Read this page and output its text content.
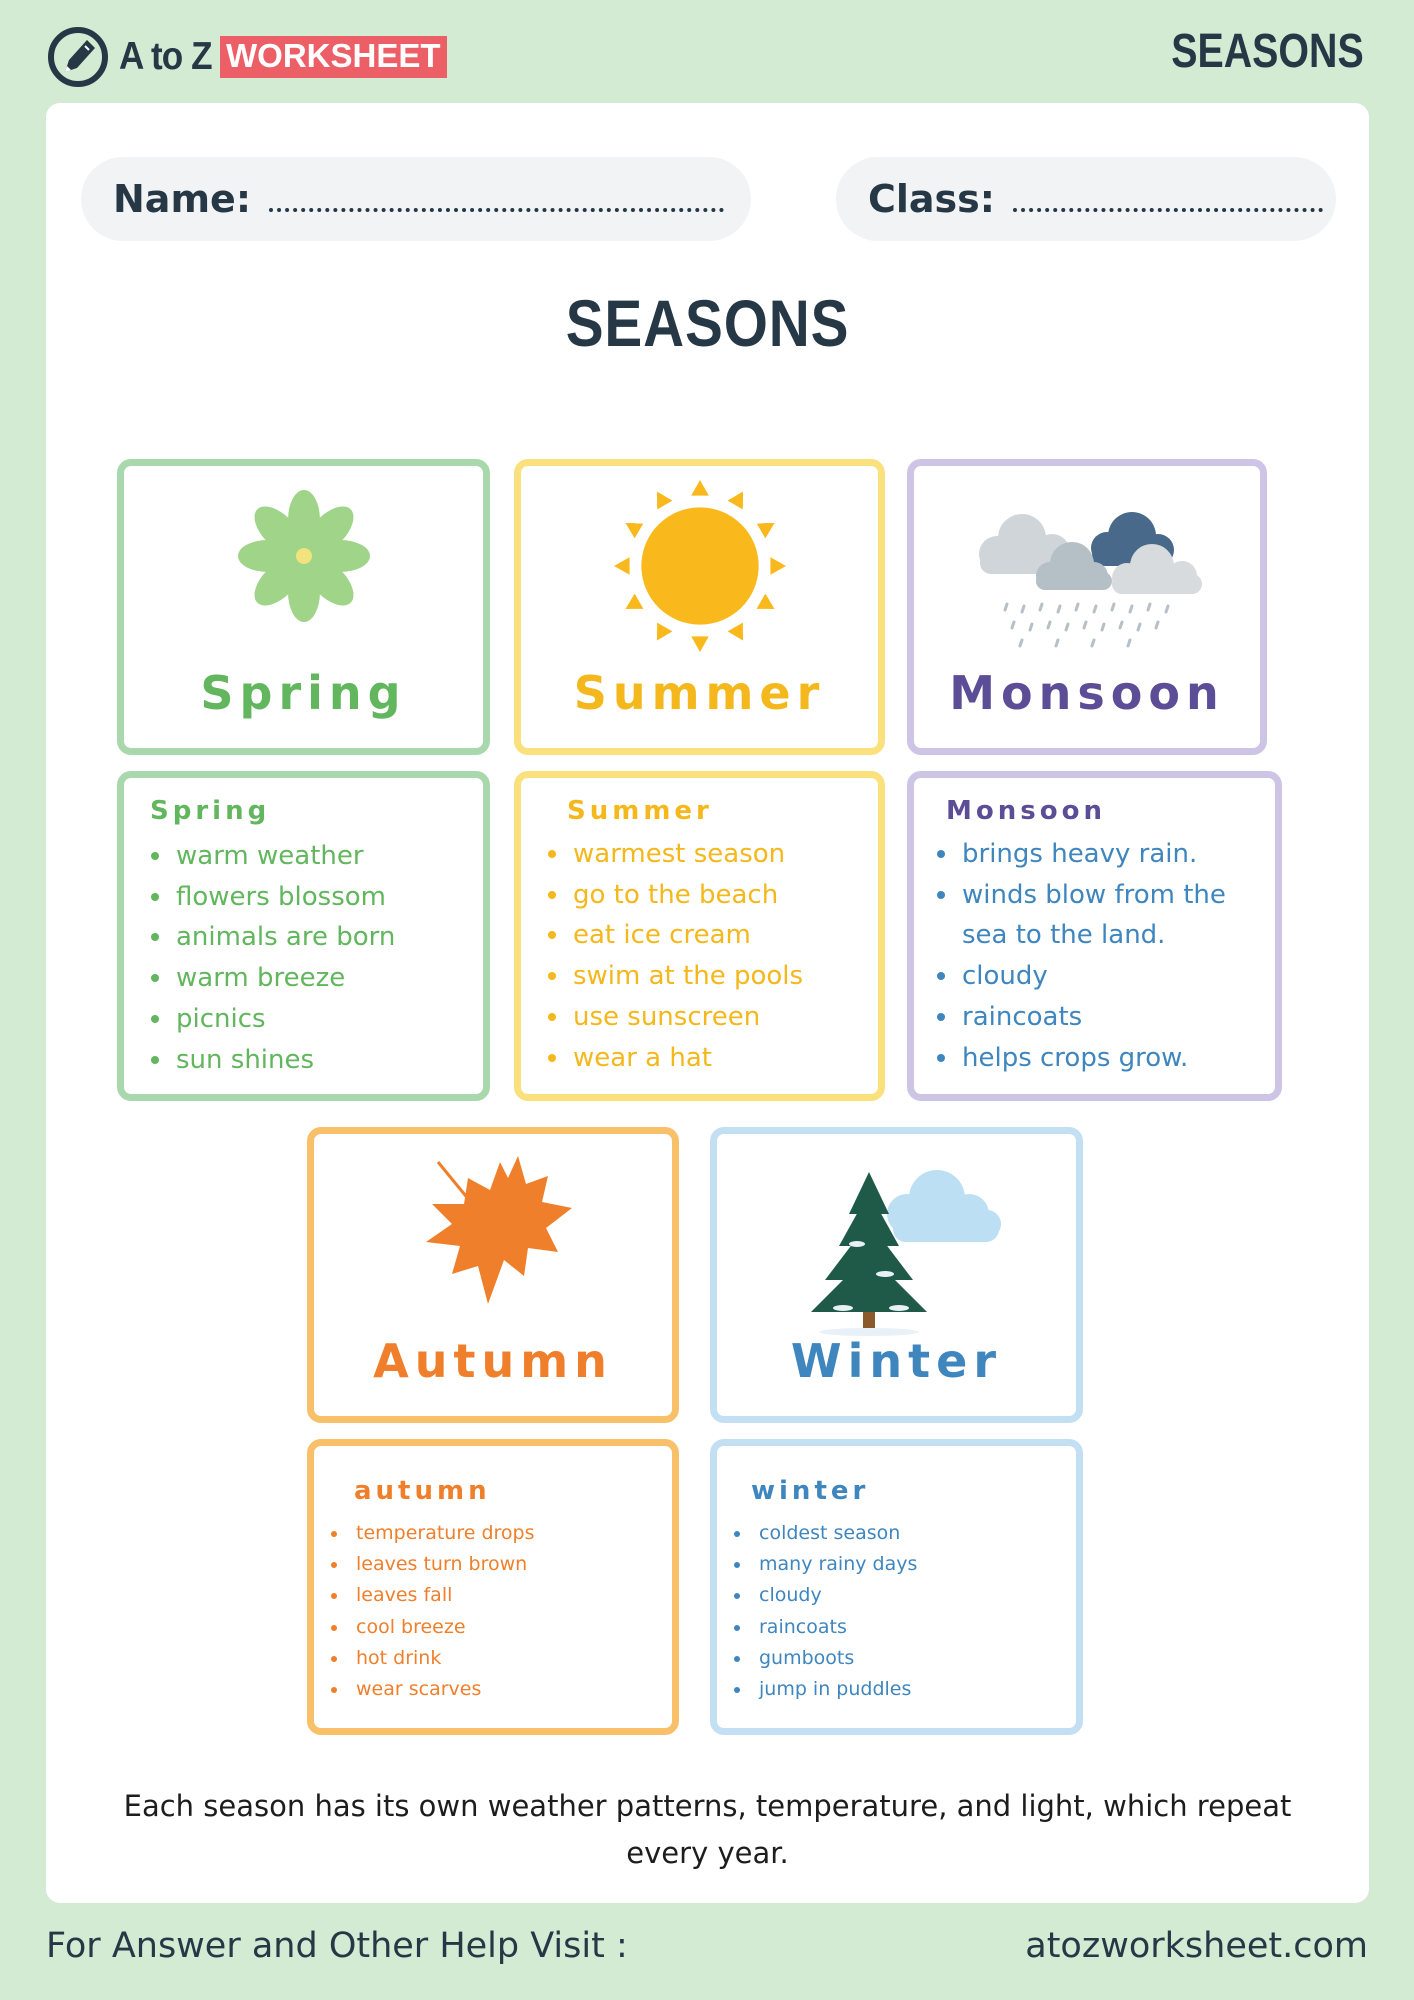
A to Z WORKSHEET	SEASONS
Name:	Class:
SEASONS
Spring	Summer	Monsoon
Spring
warm weather
flowers blossom
animals are born
warm breeze
picnics
sun shines
Summer
warmest season
go to the beach
eat ice cream
swim at the pools
use sunscreen
wear a hat
Monsoon
brings heavy rain.
winds blow from the
sea to the land.
cloudy
raincoats
helps crops grow.
Autumn	Winter
autumn
temperature drops
leaves turn brown
leaves fall
cool breeze
hot drink
wear scarves
winter
coldest season
many rainy days
cloudy
raincoats
gumboots
jump in puddles
Each season has its own weather patterns, temperature, and light, which repeat every year.
For Answer and Other Help Visit :	atozworksheet.com
